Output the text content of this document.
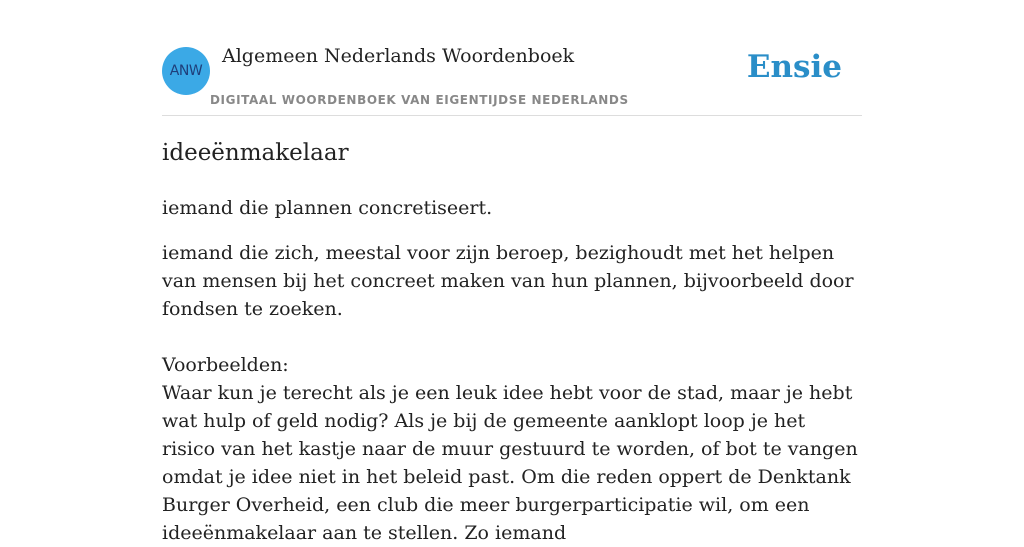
ANW
Algemeen Nederlands Woordenboek
DIGITAAL WOORDENBOEK VAN EIGENTIJDSE NEDERLANDS
Ensie
ideeënmakelaar

iemand die plannen concretiseert.

iemand die zich, meestal voor zijn beroep, bezighoudt met het helpen van mensen bij het concreet maken van hun plannen, bijvoorbeeld door fondsen te zoeken.

Voorbeelden:

Waar kun je terecht als je een leuk idee hebt voor de stad, maar je hebt wat hulp of geld nodig? Als je bij de gemeente aanklopt loop je het risico van het kastje naar de muur gestuurd te worden, of bot te vangen omdat je idee niet in het beleid past. Om die reden oppert de Denktank Burger Overheid, een club die meer burgerparticipatie wil, om een ideeënmakelaar aan te stellen. Zo iemand
